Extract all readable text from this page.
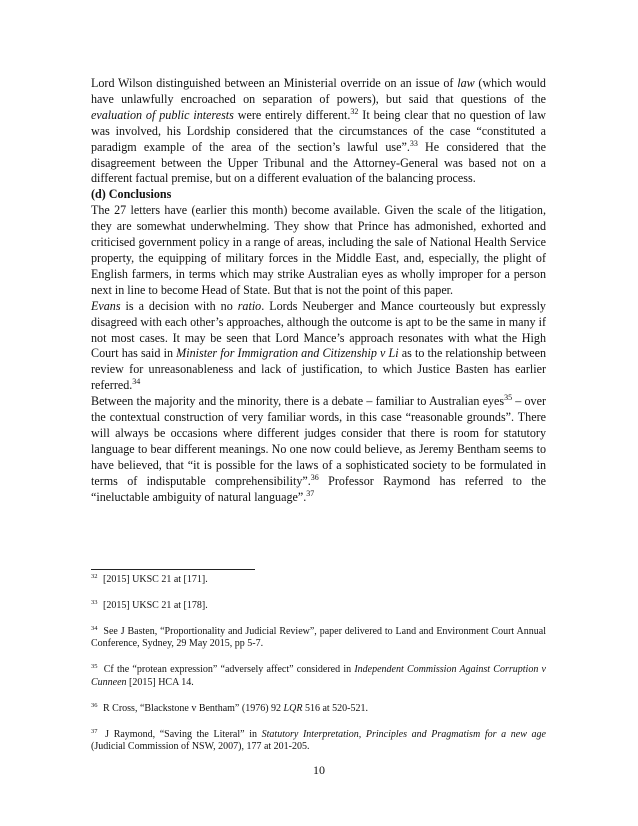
Lord Wilson distinguished between an Ministerial override on an issue of law (which would have unlawfully encroached on separation of powers), but said that questions of the evaluation of public interests were entirely different.$^{32}$ It being clear that no question of law was involved, his Lordship considered that the circumstances of the case “constituted a paradigm example of the area of the section’s lawful use”.$^{33}$ He considered that the disagreement between the Upper Tribunal and the Attorney-General was based not on a different factual premise, but on a different evaluation of the balancing process.

(d) Conclusions

The 27 letters have (earlier this month) become available. Given the scale of the litigation, they are somewhat underwhelming. They show that Prince has admonished, exhorted and criticised government policy in a range of areas, including the sale of National Health Service property, the equipping of military forces in the Middle East, and, especially, the plight of English farmers, in terms which may strike Australian eyes as wholly improper for a person next in line to become Head of State. But that is not the point of this paper.

Evans is a decision with no ratio. Lords Neuberger and Mance courteously but expressly disagreed with each other’s approaches, although the outcome is apt to be the same in many if not most cases. It may be seen that Lord Mance’s approach resonates with what the High Court has said in Minister for Immigration and Citizenship v Li as to the relationship between review for unreasonableness and lack of justification, to which Justice Basten has earlier referred.$^{34}$

Between the majority and the minority, there is a debate – familiar to Australian eyes$^{35}$ – over the contextual construction of very familiar words, in this case “reasonable grounds”. There will always be occasions where different judges consider that there is room for statutory language to bear different meanings. No one now could believe, as Jeremy Bentham seems to have believed, that “it is possible for the laws of a sophisticated society to be formulated in terms of indisputable comprehensibility”.$^{36}$ Professor Raymond has referred to the “ineluctable ambiguity of natural language”.$^{37}$

$^{32}$ [2015] UKSC 21 at [171].

$^{33}$ [2015] UKSC 21 at [178].

$^{34}$ See J Basten, “Proportionality and Judicial Review”, paper delivered to Land and Environment Court Annual Conference, Sydney, 29 May 2015, pp 5-7.

$^{35}$ Cf the “protean expression” “adversely affect” considered in Independent Commission Against Corruption v Cunneen [2015] HCA 14.

$^{36}$ R Cross, “Blackstone v Bentham” (1976) 92 LQR 516 at 520-521.

$^{37}$ J Raymond, “Saving the Literal” in Statutory Interpretation, Principles and Pragmatism for a new age (Judicial Commission of NSW, 2007), 177 at 201-205.

10
